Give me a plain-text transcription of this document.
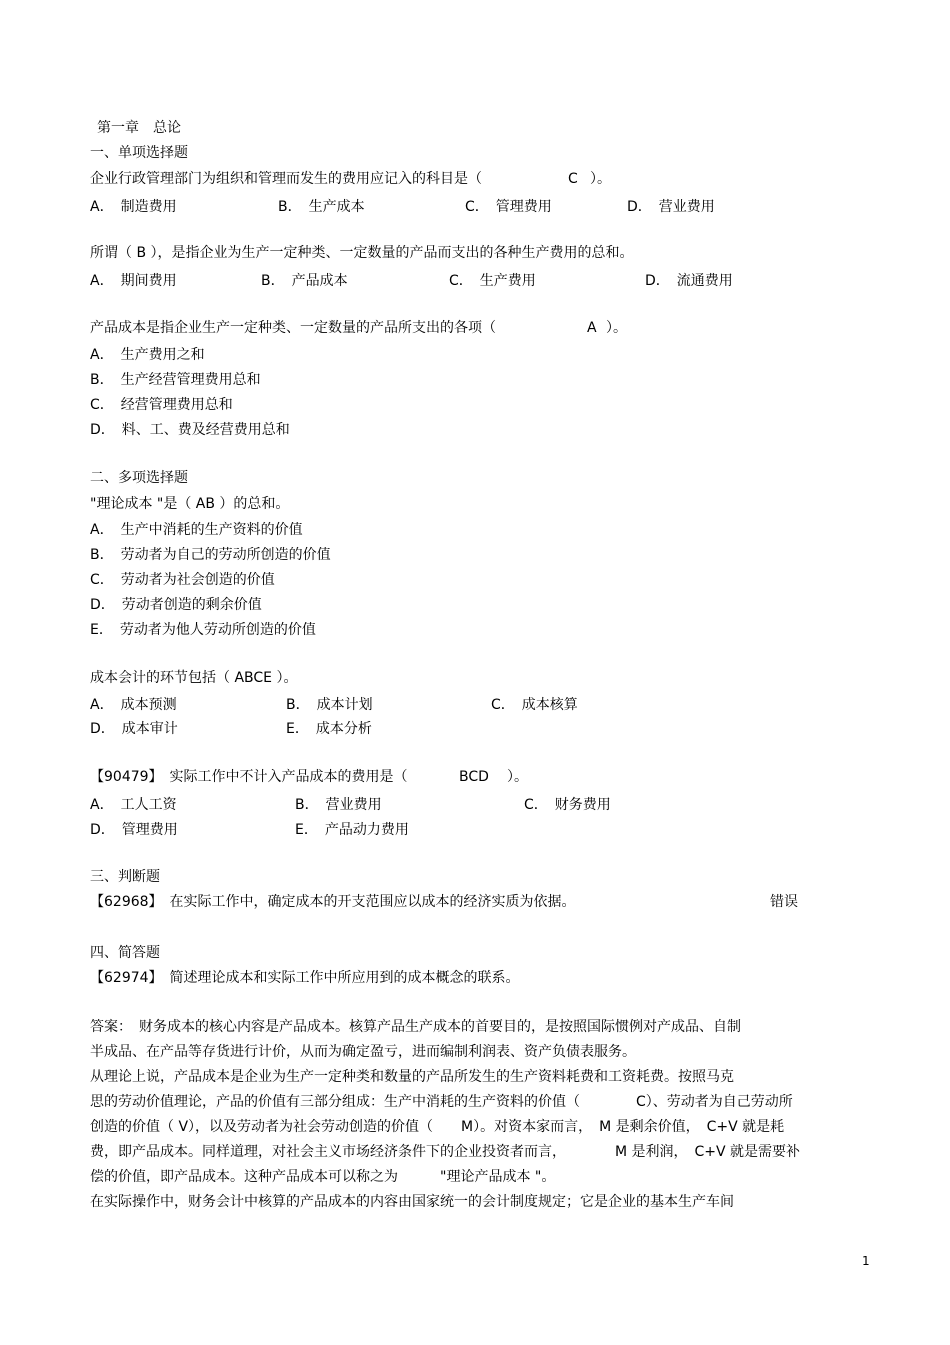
第一章　总论
一、单项选择题
企业行政管理部门为组织和管理而发生的费用应记入的科目是（	C ）。
A．　制造费用	B．　生产成本	C．　管理费用	D．　营业费用
所谓（ B ），是指企业为生产一定种类、一定数量的产品而支出的各种生产费用的总和。
A．　期间费用	B．　产品成本	C．　生产费用	D．　流通费用
产品成本是指企业生产一定种类、一定数量的产品所支出的各项（	A ）。
A．　生产费用之和
B．　生产经营管理费用总和
C．　经营管理费用总和
D．　料、工、费及经营费用总和
二、多项选择题
"理论成本 "是（ AB ）的总和。
A．　生产中消耗的生产资料的价值
B．　劳动者为自己的劳动所创造的价值
C．　劳动者为社会创造的价值
D．　劳动者创造的剩余价值
E．　劳动者为他人劳动所创造的价值
成本会计的环节包括（ ABCE ）。
A．　成本预测	B．　成本计划	C．　成本核算
D．　成本审计	E．　成本分析
【90479】　实际工作中不计入产品成本的费用是（	BCD ）。
A．　工人工资	B．　营业费用	C．　财务费用
D．　管理费用	E．　产品动力费用
三、判断题
【62968】　在实际工作中，确定成本的开支范围应以成本的经济实质为依据。	错误
四、简答题
【62974】　简述理论成本和实际工作中所应用到的成本概念的联系。
答案：　财务成本的核心内容是产品成本。核算产品生产成本的首要目的，是按照国际惯例对产成品、自制
半成品、在产品等存货进行计价，从而为确定盈亏，进而编制利润表、资产负债表服务。
从理论上说，产品成本是企业为生产一定种类和数量的产品所发生的生产资料耗费和工资耗费。按照马克
思的劳动价值理论，产品的价值有三部分组成：生产中消耗的生产资料的价值（　　　　C）、劳动者为自己劳动所
创造的价值（ V），以及劳动者为社会劳动创造的价值（　　M）。对资本家而言，　M 是剩余价值，　C+V 就是耗
费，即产品成本。同样道理，对社会主义市场经济条件下的企业投资者而言，　　　　M 是利润，　C+V 就是需要补
偿的价值，即产品成本。这种产品成本可以称之为　　　"理论产品成本 "。
在实际操作中，财务会计中核算的产品成本的内容由国家统一的会计制度规定；它是企业的基本生产车间
1
